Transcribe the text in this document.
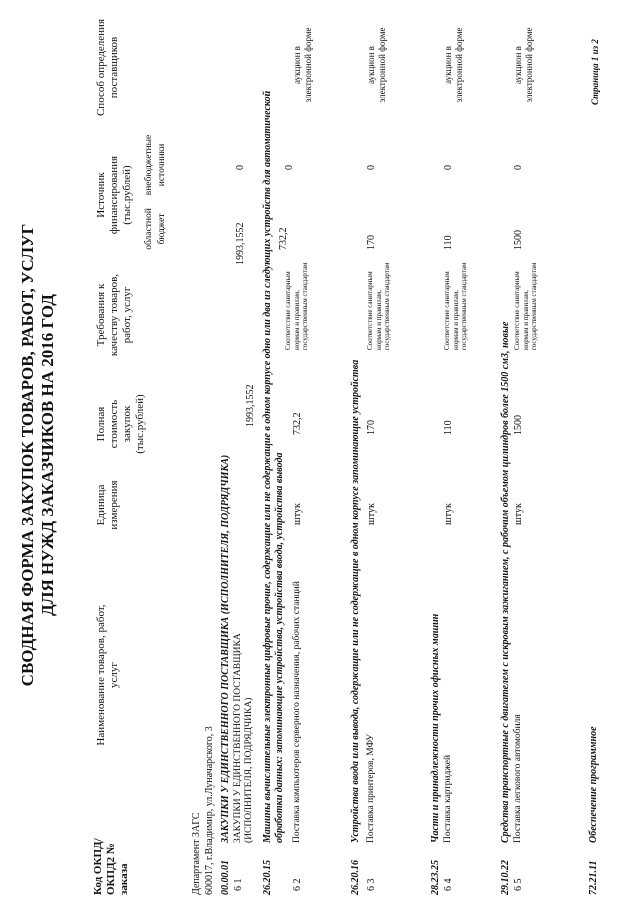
СВОДНАЯ ФОРМА ЗАКУПОК ТОВАРОВ, РАБОТ, УСЛУГ ДЛЯ НУЖД ЗАКАЗЧИКОВ НА 2016 ГОД
Код ОКПД/ ОКПД2 № заказа
Наименование товаров, работ, услуг
Единица измерения
Полная стоимость закупок (тыс.рублей)
Требования к качеству товаров, работ, услуг
Источник финансирования (тыс.рублей)
областной бюджет
внебюджетные источники
Способ определения поставщиков
Департамент ЗАГС 600017, г.Владимир, ул.Луначарского, 3 00.00.01
ЗАКУПКИ У ЕДИНСТВЕННОГО ПОСТАВЩИКА (ИСПОЛНИТЕЛЯ, ПОДРЯДЧИКА)
6 1
ЗАКУПКИ У ЕДИНСТВЕННОГО ПОСТАВЩИКА (ИСПОЛНИТЕЛЯ, ПОДРЯДЧИКА)
1993,1552
1993,1552
0
26.20.15
Машины вычислительные электронные цифровые прочие, содержащие или не содержащие в одном корпусе одно или два из следующих устройств для автоматической обработки данных: запоминающие устройства, устройства ввода, устройства вывода
6 2
Поставка компьютеров серверного назначения, рабочих станций
штук
732,2
Соответствие санитарным нормам и правилам, государственным стандартам
732,2
0
аукцион в электронной форме
26.20.16
Устройства ввода или вывода, содержащие или не содержащие в одном корпусе запоминающие устройства
6 3
Поставка принтеров, МФУ
штук
170
Соответствие санитарным нормам и правилам, государственным стандартам
170
0
аукцион в электронной форме
28.23.25
Части и принадлежности прочих офисных машин
6 4
Поставка картриджей
штук
110
Соответствие санитарным нормам и правилам, государственным стандартам
110
0
аукцион в электронной форме
29.10.22
Средства транспортные с двигателем с искровым зажиганием, с рабочим объемом цилиндров более 1500 см3, новые
6 5
Поставка легкового автомобиля
штук
1500
Соответствие санитарным нормам и правилам, государственным стандартам
1500
0
аукцион в электронной форме
72.21.11
Обеспечение программное
Страница 1 из 2
